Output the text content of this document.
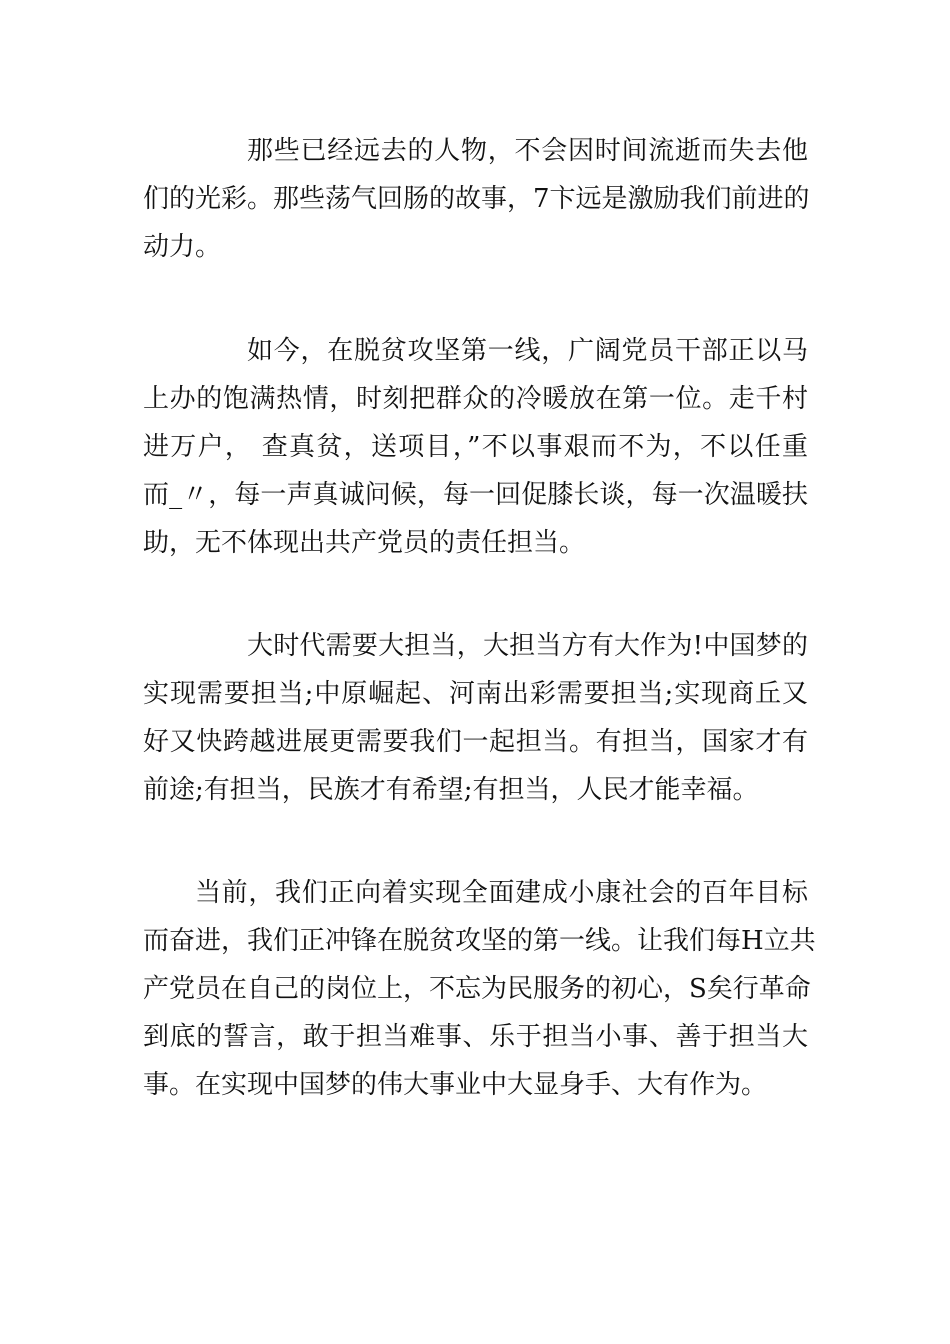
那些已经远去的人物，不会因时间流逝而失去他
们的光彩。那些荡气回肠的故事，7卞远是激励我们前进的
动力。
如今，在脱贫攻坚第一线，广阔党员干部正以马
上办的饱满热情，时刻把群众的冷暖放在第一位。走千村
进万户， 查真贫，送项目，”不以事艰而不为，不以任重
而_〃，每一声真诚问候，每一回促膝长谈，每一次温暖扶
助，无不体现出共产党员的责任担当。
大时代需要大担当，大担当方有大作为!中国梦的
实现需要担当;中原崛起、河南出彩需要担当;实现商丘又
好又快跨越进展更需要我们一起担当。有担当，国家才有
前途;有担当，民族才有希望;有担当，人民才能幸福。
当前，我们正向着实现全面建成小康社会的百年目标
而奋进，我们正冲锋在脱贫攻坚的第一线。让我们每H立共
产党员在自己的岗位上，不忘为民服务的初心，S矣行革命
到底的誓言，敢于担当难事、乐于担当小事、善于担当大
事。在实现中国梦的伟大事业中大显身手、大有作为。
